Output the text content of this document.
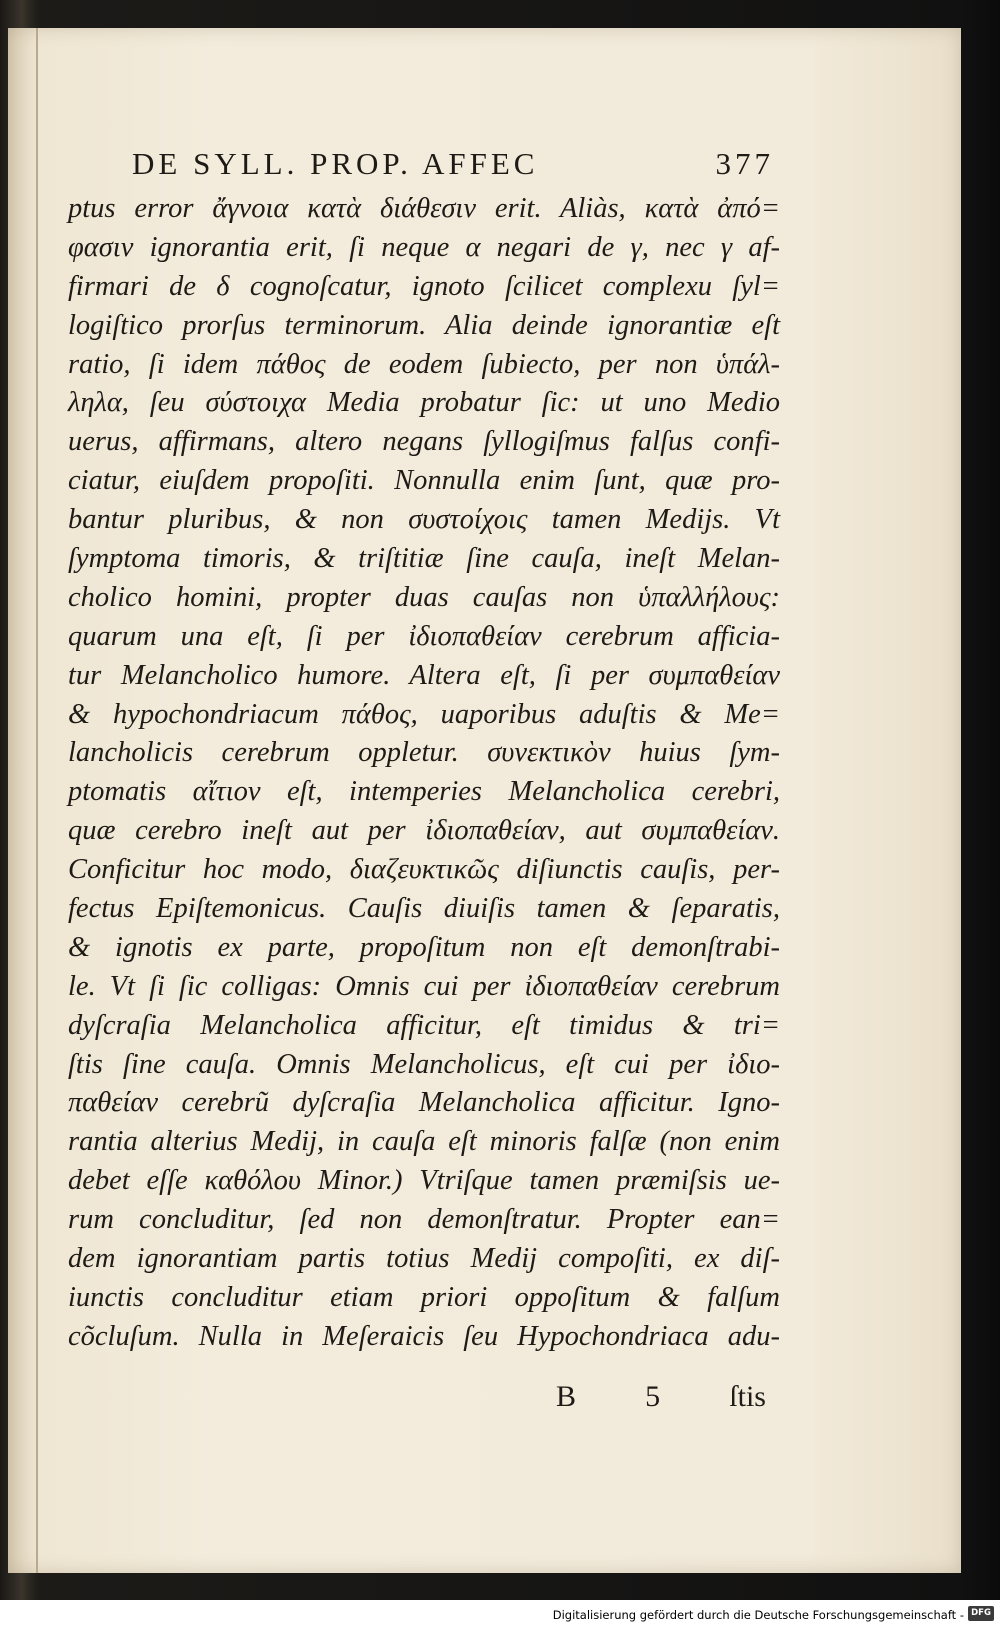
DE SYLL. PROP. AFFEC	377
ptus error ἄγνοια κατὰ διάθεσιν erit. Aliàs, κατὰ ἀπό=
φασιν ignorantia erit, ſi neque α negari de γ, nec γ af-
firmari de δ cognoſcatur, ignoto ſcilicet complexu ſyl=
logiſtico prorſus terminorum. Alia deinde ignorantiæ eſt
ratio, ſi idem πάθος de eodem ſubiecto, per non ὑπάλ-
ληλα, ſeu σύστοιχα Media probatur ſic: ut uno Medio
uerus, affirmans, altero negans ſyllogiſmus falſus confi-
ciatur, eiuſdem propoſiti. Nonnulla enim ſunt, quæ pro-
bantur pluribus, & non συστοίχοις tamen Medijs. Vt
ſymptoma timoris, & triſtitiæ ſine cauſa, ineſt Melan-
cholico homini, propter duas cauſas non ὑπαλλήλους:
quarum una eſt, ſi per ἰδιοπαθείαν cerebrum afficia-
tur Melancholico humore. Altera eſt, ſi per συμπαθείαν
& hypochondriacum πάθος, uaporibus aduſtis & Me=
lancholicis cerebrum oppletur. συνεκτικὸν huius ſym-
ptomatis αἴτιον eſt, intemperies Melancholica cerebri,
quæ cerebro ineſt aut per ἰδιοπαθείαν, aut συμπαθείαν.
Conficitur hoc modo, διαζευκτικῶς diſiunctis cauſis, per-
fectus Epiſtemonicus. Cauſis diuiſis tamen & ſeparatis,
& ignotis ex parte, propoſitum non eſt demonſtrabi-
le. Vt ſi ſic colligas: Omnis cui per ἰδιοπαθείαν cerebrum
dyſcraſia Melancholica afficitur, eſt timidus & tri=
ſtis ſine cauſa. Omnis Melancholicus, eſt cui per ἰδιο-
παθείαν cerebrũ dyſcraſia Melancholica afficitur. Igno-
rantia alterius Medij, in cauſa eſt minoris falſæ (non enim
debet eſſe καθόλου Minor.) Vtriſque tamen præmiſsis ue-
rum concluditur, ſed non demonſtratur. Propter ean=
dem ignorantiam partis totius Medij compoſiti, ex diſ-
iunctis concluditur etiam priori oppoſitum & falſum
cõcluſum. Nulla in Meſeraicis ſeu Hypochondriaca adu-
B 5 ſtis
Digitalisierung gefördert durch die Deutsche Forschungsgemeinschaft - DFG
